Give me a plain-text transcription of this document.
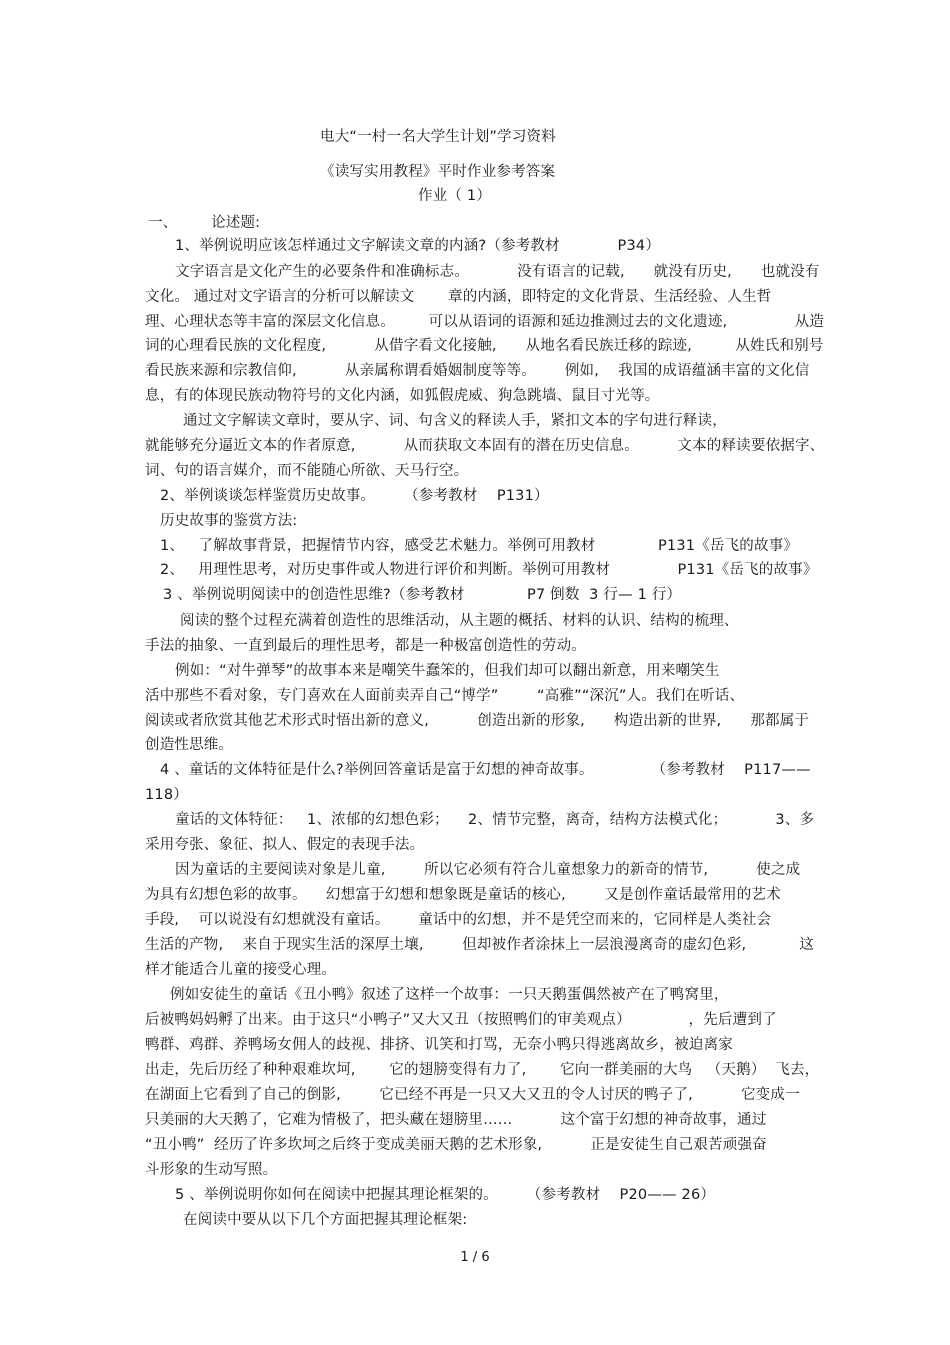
电大“一村一名大学生计划”学习资料
《读写实用教程》平时作业参考答案
作业（ 1）
一、       论述题:
1、举例说明应该怎样通过文字解读文章的内涵?（参考教材            P34）
文字语言是文化产生的必要条件和准确标志。          没有语言的记载,      就没有历史,      也就没有
文化。 通过对文字语言的分析可以解读文       章的内涵，即特定的文化背景、生活经验、人生哲
理、心理状态等丰富的深层文化信息。       可以从语词的语源和延边推测过去的文化遗迹,              从造
词的心理看民族的文化程度,          从借字看文化接触,      从地名看民族迁移的踪迹,         从姓氏和别号
看民族来源和宗教信仰,          从亲属称谓看婚姻制度等等。      例如,    我国的成语蕴涵丰富的文化信
息，有的体现民族动物符号的文化内涵，如狐假虎威、狗急跳墙、鼠目寸光等。
通过文字解读文章时，要从字、词、句含义的释读人手，紧扣文本的字句进行释读，
就能够充分逼近文本的作者原意,          从而获取文本固有的潜在历史信息。        文本的释读要依据字、
词、句的语言媒介，而不能随心所欲、天马行空。
2、举例谈谈怎样鉴赏历史故事。      （参考教材    P131）
历史故事的鉴赏方法:
1、   了解故事背景，把握情节内容，感受艺术魅力。举例可用教材             P131《岳飞的故事》
2、   用理性思考，对历史事件或人物进行评价和判断。举例可用教材              P131《岳飞的故事》
3 、举例说明阅读中的创造性思维?（参考教材             P7 倒数  3 行— 1 行）
阅读的整个过程充满着创造性的思维活动，从主题的概括、材料的认识、结构的梳理、
手法的抽象、一直到最后的理性思考，都是一种极富创造性的劳动。
例如：“对牛弹琴”的故事本来是嘲笑牛蠢笨的，但我们却可以翻出新意，用来嘲笑生
活中那些不看对象，专门喜欢在人面前卖弄自己“博学”        “高雅”“深沉”人。我们在听话、
阅读或者欣赏其他艺术形式时悟出新的意义,          创造出新的形象,      构造出新的世界,      那都属于
创造性思维。
4 、童话的文体特征是什么?举例回答童话是富于幻想的神奇故事。            （参考教材    P117——
118）
童话的文体特征：   1、浓郁的幻想色彩；    2、情节完整，离奇，结构方法模式化；          3、多
采用夸张、象征、拟人、假定的表现手法。
因为童话的主要阅读对象是儿童,        所以它必须有符合儿童想象力的新奇的情节,          使之成
为具有幻想色彩的故事。    幻想富于幻想和想象既是童话的核心,        又是创作童话最常用的艺术
手段,    可以说没有幻想就没有童话。      童话中的幻想，并不是凭空而来的，它同样是人类社会
生活的产物,    来自于现实生活的深厚土壤,        但却被作者涂抹上一层浪漫离奇的虚幻色彩,           这
样才能适合儿童的接受心理。
例如安徒生的童话《丑小鸭》叙述了这样一个故事：一只天鹅蛋偶然被产在了鸭窝里，
后被鸭妈妈孵了出来。由于这只“小鸭子”又大又丑（按照鸭们的审美观点）            ，先后遭到了
鸭群、鸡群、养鸭场女佣人的歧视、排挤、讥笑和打骂，无奈小鸭只得逃离故乡，被迫离家
出走，先后历经了种种艰难坎坷,       它的翅膀变得有力了,       它向一群美丽的大鸟   （天鹅）  飞去，
在湖面上它看到了自己的倒影,        它已经不再是一只又大又丑的令人讨厌的鸭子了,          它变成一
只美丽的大天鹅了，它难为情极了，把头藏在翅膀里……          这个富于幻想的神奇故事，通过
“丑小鸭”  经历了许多坎坷之后终于变成美丽天鹅的艺术形象,          正是安徒生自己艰苦顽强奋
斗形象的生动写照。
5 、举例说明你如何在阅读中把握其理论框架的。      （参考教材    P20—— 26）
在阅读中要从以下几个方面把握其理论框架:
1 / 6
